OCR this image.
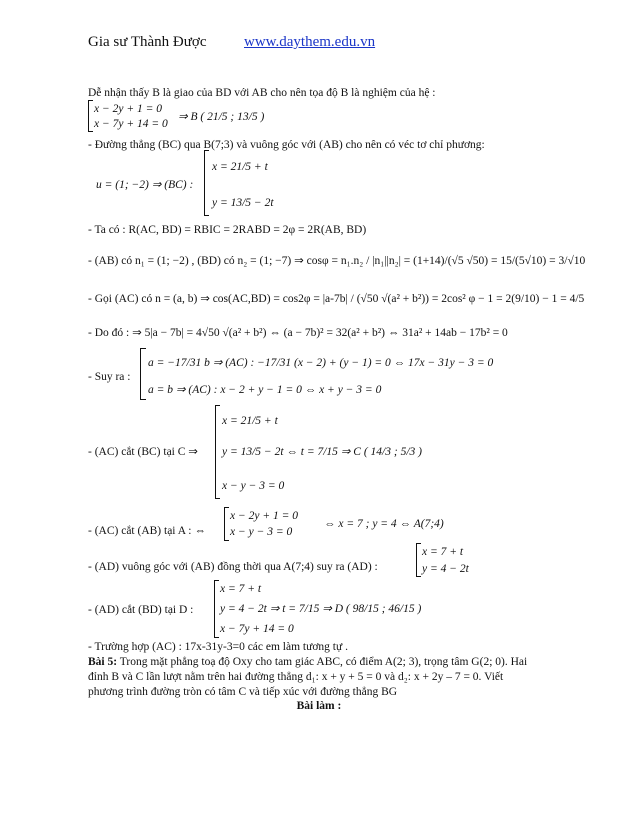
Gia sư Thành Được	www.daythem.edu.vn
Dễ nhận thấy B là giao của BD với AB cho nên tọa độ B là nghiệm của hệ :
x − 2y + 1 = 0
x − 7y + 14 = 0
⇒ B ( 21/5 ; 13/5 )
- Đường thẳng (BC) qua B(7;3) và vuông góc với (AB) cho nên có véc tơ chỉ phương:
u = (1; −2) ⇒ (BC) :
x = 21/5 + t
y = 13/5 − 2t
- Ta có : R(AC, BD) = RBIC = 2RABD = 2φ = 2R(AB, BD)
- (AB) có n₁ = (1; −2) , (BD) có n₂ = (1; −7) ⇒ cosφ = n₁.n₂ / |n₁||n₂| = (1+14)/(√5 √50) = 15/(5√10) = 3/√10
- Gọi (AC) có n = (a, b) ⇒ cos(AC,BD) = cos2φ = |a-7b| / (√50 √(a² + b²)) = 2cos² φ − 1 = 2(9/10) − 1 = 4/5
- Do đó : ⇒ 5|a − 7b| = 4√50 √(a² + b²) ⇔ (a − 7b)² = 32(a² + b²) ⇔ 31a² + 14ab − 17b² = 0
- Suy ra :
a = −17/31 b ⇒ (AC) : −17/31 (x − 2) + (y − 1) = 0 ⇔ 17x − 31y − 3 = 0
a = b ⇒ (AC) : x − 2 + y − 1 = 0 ⇔ x + y − 3 = 0
- (AC) cắt (BC) tại C ⇒
x = 21/5 + t
y = 13/5 − 2t ⇔ t = 7/15 ⇒ C ( 14/3 ; 5/3 )
x − y − 3 = 0
- (AC) cắt (AB) tại A : ⇔
x − 2y + 1 = 0
x − y − 3 = 0
⇔ x = 7 ; y = 4 ⇔ A(7;4)
- (AD) vuông góc với (AB) đồng thời qua A(7;4) suy ra (AD) :
x = 7 + t
y = 4 − 2t
- (AD) cắt (BD) tại D :
x = 7 + t
y = 4 − 2t ⇒ t = 7/15 ⇒ D ( 98/15 ; 46/15 )
x − 7y + 14 = 0
- Trường hợp (AC) : 17x-31y-3=0 các em làm tương tự .
Bài 5: Trong mặt phẳng toạ độ Oxy cho tam giác ABC, có điểm A(2; 3), trọng tâm G(2; 0). Hai
đỉnh B và C lần lượt nằm trên hai đường thẳng d₁: x + y + 5 = 0 và d₂: x + 2y – 7 = 0. Viết
phương trình đường tròn có tâm C và tiếp xúc với đường thẳng BG
Bài làm :
